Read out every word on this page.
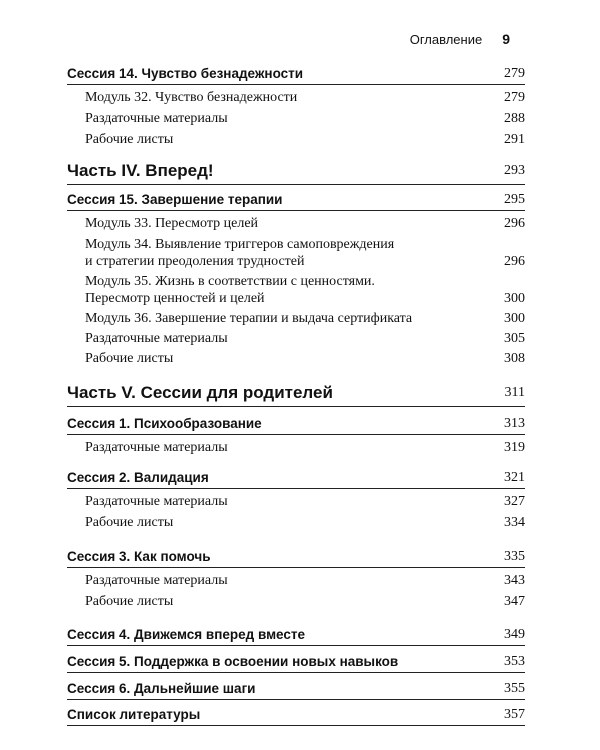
Оглавление 9
Сессия 14. Чувство безнадежности	279
Модуль 32. Чувство безнадежности	279
Раздаточные материалы	288
Рабочие листы	291
Часть IV. Вперед!	293
Сессия 15. Завершение терапии	295
Модуль 33. Пересмотр целей	296
Модуль 34. Выявление триггеров самоповреждения
и стратегии преодоления трудностей	296
Модуль 35. Жизнь в соответствии с ценностями.
Пересмотр ценностей и целей	300
Модуль 36. Завершение терапии и выдача сертификата	300
Раздаточные материалы	305
Рабочие листы	308
Часть V. Сессии для родителей	311
Сессия 1. Психообразование	313
Раздаточные материалы	319
Сессия 2. Валидация	321
Раздаточные материалы	327
Рабочие листы	334
Сессия 3. Как помочь	335
Раздаточные материалы	343
Рабочие листы	347
Сессия 4. Движемся вперед вместе	349
Сессия 5. Поддержка в освоении новых навыков	353
Сессия 6. Дальнейшие шаги	355
Список литературы	357
